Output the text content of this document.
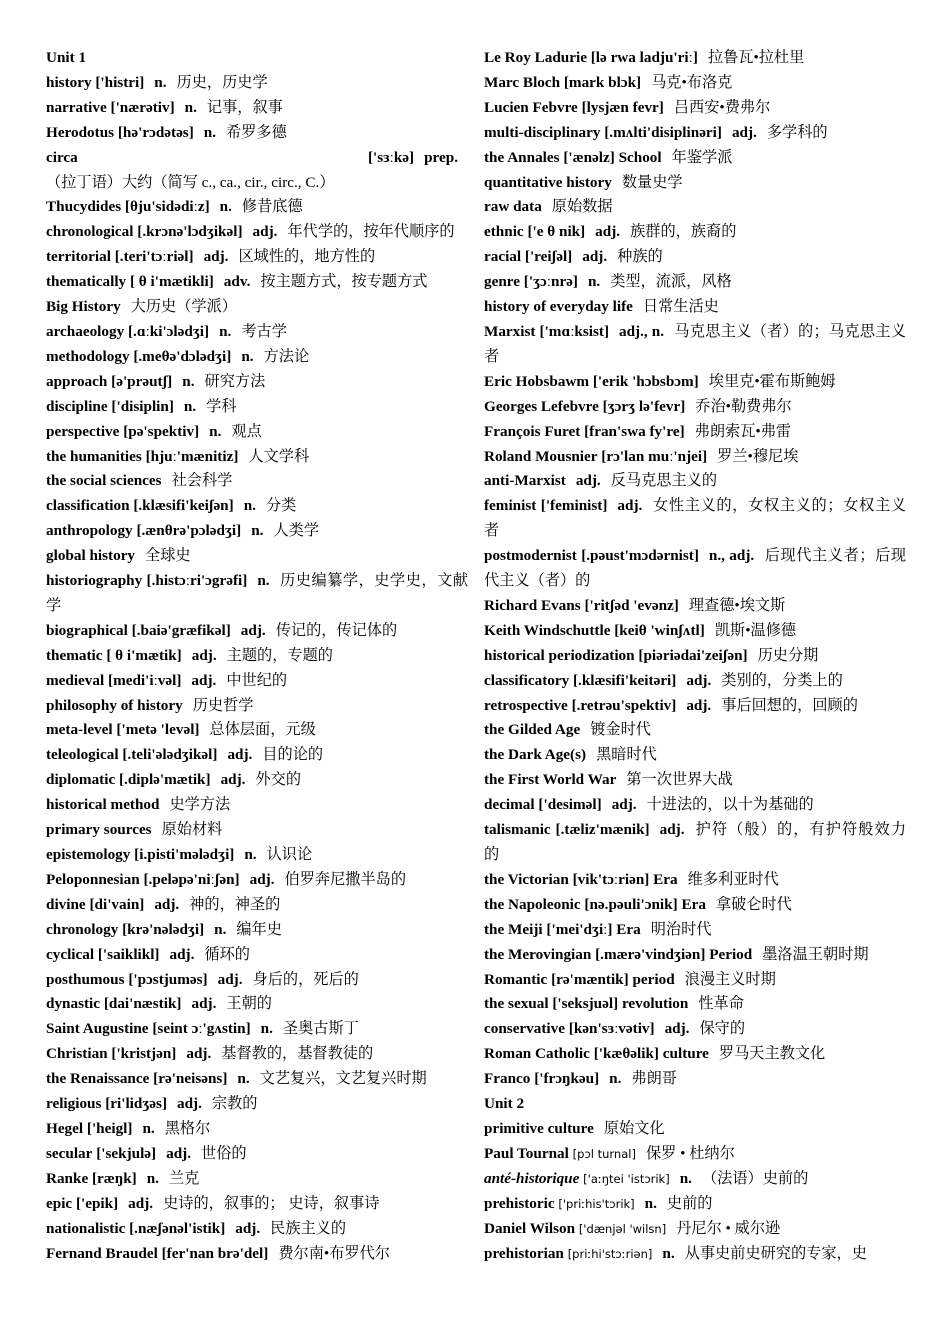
Unit 1

history ['histri] n. 历史，历史学

narrative ['nærətiv] n. 记事，叙事

Herodotus [hə'rɔdətəs] n. 希罗多德

circa	['sɜːkə] prep.（拉丁语）大约（简写 c., ca., cir., circ., C.）

Thucydides [θju'sidədiːz] n. 修昔底德

chronological [.krɔnə'lɔdʒikəl] adj. 年代学的，按年代顺序的

territorial [.teri'tɔːriəl] adj. 区域性的，地方性的

thematically [ θ i'mætikli] adv. 按主题方式，按专题方式

Big History 大历史（学派）

archaeology [.ɑːki'ɔlədʒi] n. 考古学

methodology [.meθə'dɔlədʒi] n. 方法论

approach [ə'prəutʃ] n. 研究方法

discipline ['disiplin] n. 学科

perspective [pə'spektiv] n. 观点

the humanities [hjuː'mænitiz] 人文学科

the social sciences 社会科学

classification [.klæsifi'keiʃən] n. 分类

anthropology [.ænθrə'pɔlədʒi] n. 人类学

global history 全球史

historiography [.histɔːri'ɔgrəfi] n. 历史编纂学，史学史，文献学

biographical [.baiə'græfikəl] adj. 传记的，传记体的

thematic [ θ i'mætik] adj. 主题的，专题的

medieval [medi'iːvəl] adj. 中世纪的

philosophy of history 历史哲学

meta-level ['metə 'levəl] 总体层面，元级

teleological [.teli'ələdʒikəl] adj. 目的论的

diplomatic [.diplə'mætik] adj. 外交的

historical method 史学方法

primary sources 原始材料

epistemology [i.pisti'mələdʒi] n. 认识论

Peloponnesian [.peləpə'niːʃən] adj. 伯罗奔尼撒半岛的

divine [di'vain] adj. 神的，神圣的

chronology [krə'nələdʒi] n. 编年史

cyclical ['saiklikl] adj. 循环的

posthumous ['pɔstjuməs] adj. 身后的，死后的

dynastic [dai'næstik] adj. 王朝的

Saint Augustine [seint ɔː'gʌstin] n. 圣奥古斯丁

Christian ['kristjən] adj. 基督教的，基督教徒的

the Renaissance [rə'neisəns] n. 文艺复兴，文艺复兴时期

religious [ri'lidʒəs] adj. 宗教的

Hegel ['heigl] n. 黑格尔

secular ['sekjulə] adj. 世俗的

Ranke [ræŋk] n. 兰克

epic ['epik] adj. 史诗的，叙事的； 史诗，叙事诗

nationalistic [.næʃənəl'istik] adj. 民族主义的

Fernand Braudel [fer'nan brə'del] 费尔南•布罗代尔

Le Roy Ladurie [lə rwa ladju'riː] 拉鲁瓦•拉杜里

Marc Bloch [mark blɔk] 马克•布洛克

Lucien Febvre [lysjæn fevr] 吕西安•费弗尔

multi-disciplinary [.mʌlti'disiplinəri] adj. 多学科的

the Annales ['ænəlz] School 年鉴学派

quantitative history 数量史学

raw data 原始数据

ethnic ['e θ nik] adj. 族群的，族裔的

racial ['reiʃəl] adj. 种族的

genre ['ʒɔːnrə] n. 类型，流派，风格

history of everyday life 日常生活史

Marxist ['mɑːksist] adj., n. 马克思主义（者）的；马克思主义者

Eric Hobsbawm ['erik 'hɔbsbɔm] 埃里克•霍布斯鲍姆

Georges Lefebvre [ʒɔrʒ lə'fevr] 乔治•勒费弗尔

François Furet [fran'swa fy're] 弗朗索瓦•弗雷

Roland Mousnier [rɔ'lan muː'njei] 罗兰•穆尼埃

anti-Marxist adj. 反马克思主义的

feminist ['feminist] adj. 女性主义的，女权主义的；女权主义者

postmodernist [.pəust'mɔdərnist] n., adj. 后现代主义者；后现代主义（者）的

Richard Evans ['ritʃəd 'evənz] 理查德•埃文斯

Keith Windschuttle [keiθ 'winʃʌtl] 凯斯•温修德

historical periodization [piəriədai'zeiʃən] 历史分期

classificatory [.klæsifi'keitəri] adj. 类别的，分类上的

retrospective [.retrəu'spektiv] adj. 事后回想的，回顾的

the Gilded Age 镀金时代

the Dark Age(s) 黑暗时代

the First World War 第一次世界大战

decimal ['desiməl] adj. 十进法的，以十为基础的

talismanic [.tæliz'mænik] adj. 护符（般）的，有护符般效力的

the Victorian [vik'tɔːriən] Era 维多利亚时代

the Napoleonic [nə.pəuli'ɔnik] Era 拿破仑时代

the Meiji ['mei'dʒiː] Era 明治时代

the Merovingian [.mærə'vindʒiən] Period 墨洛温王朝时期

Romantic [rə'mæntik] period 浪漫主义时期

the sexual ['seksjuəl] revolution 性革命

conservative [kən'sɜːvətiv] adj. 保守的

Roman Catholic ['kæθəlik] culture 罗马天主教文化

Franco ['frɔŋkəu] n. 弗朗哥

Unit 2

primitive culture 原始文化

Paul Tournal [pɔl turnal] 保罗 • 杜纳尔

anté-historique ['aːŋtei 'istɔrik] n. （法语）史前的

prehistoric ['priːhis'tɔrik] n. 史前的

Daniel Wilson ['dænjəl 'wilsn] 丹尼尔 • 威尔逊

prehistorian [priːhi'stɔːriən] n. 从事史前史研究的专家，史
